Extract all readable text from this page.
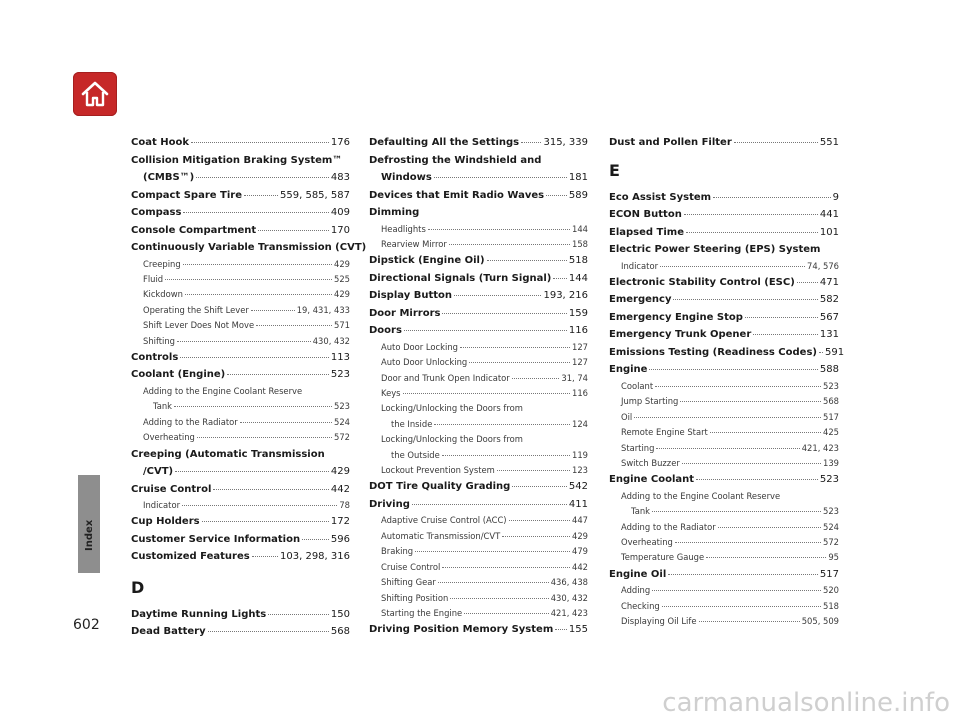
Index
Coat Hook	176
Collision Mitigation Braking System™
(CMBS™)	483
Compact Spare Tire	559, 585, 587
Compass	409
Console Compartment	170
Continuously Variable Transmission (CVT)
Creeping	429
Fluid	525
Kickdown	429
Operating the Shift Lever	19, 431, 433
Shift Lever Does Not Move	571
Shifting	430, 432
Controls	113
Coolant (Engine)	523
Adding to the Engine Coolant Reserve
Tank	523
Adding to the Radiator	524
Overheating	572
Creeping (Automatic Transmission
/CVT)	429
Cruise Control	442
Indicator	78
Cup Holders	172
Customer Service Information	596
Customized Features	103, 298, 316
D
Daytime Running Lights	150
Dead Battery	568
Defaulting All the Settings 315, 339
Defrosting the Windshield and
Windows	181
Devices that Emit Radio Waves 589
Dimming
Headlights	144
Rearview Mirror	158
Dipstick (Engine Oil)	518
Directional Signals (Turn Signal) 144
Display Button	193, 216
Door Mirrors	159
Doors	116
Auto Door Locking	127
Auto Door Unlocking	127
Door and Trunk Open Indicator	31, 74
Keys	116
Locking/Unlocking the Doors from
the Inside	124
Locking/Unlocking the Doors from
the Outside	119
Lockout Prevention System	123
DOT Tire Quality Grading	542
Driving	411
Adaptive Cruise Control (ACC)	447
Automatic Transmission/CVT	429
Braking	479
Cruise Control	442
Shifting Gear	436, 438
Shifting Position	430, 432
Starting the Engine	421, 423
Driving Position Memory System 155
Dust and Pollen Filter	551
E
Eco Assist System	9
ECON Button	441
Elapsed Time	101
Electric Power Steering (EPS) System
Indicator	74, 576
Electronic Stability Control (ESC)	471
Emergency	582
Emergency Engine Stop	567
Emergency Trunk Opener	131
Emissions Testing (Readiness Codes) 591
Engine	588
Coolant	523
Jump Starting	568
Oil	517
Remote Engine Start	425
Starting	421, 423
Switch Buzzer	139
Engine Coolant	523
Adding to the Engine Coolant Reserve
Tank	523
Adding to the Radiator	524
Overheating	572
Temperature Gauge	95
Engine Oil	517
Adding	520
Checking	518
Displaying Oil Life	505, 509
602
carmanualsonline.info
